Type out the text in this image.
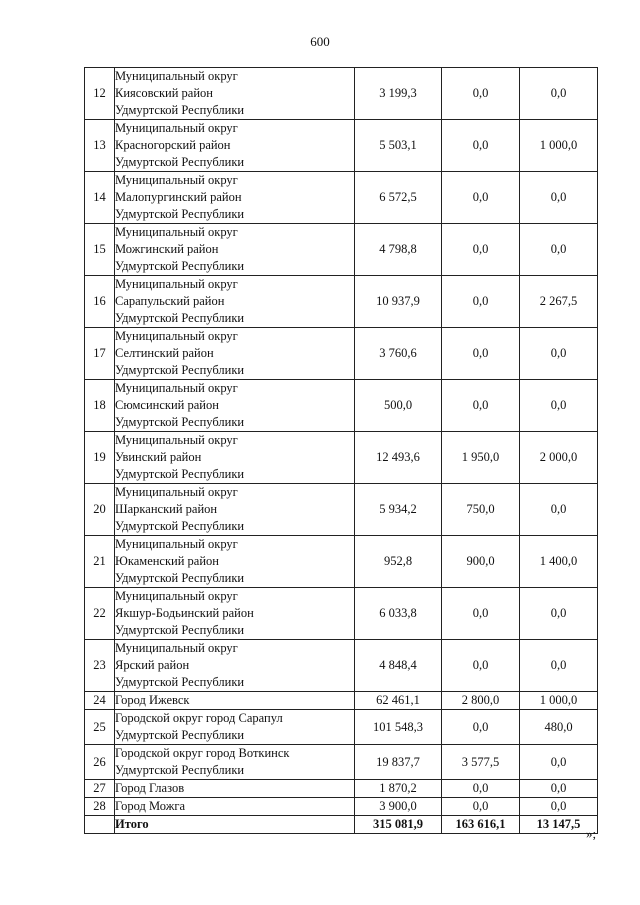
600
12	Муниципальный округ
Киясовский район
Удмуртской Республики	3 199,3	0,0	0,0
13	Муниципальный округ
Красногорский район
Удмуртской Республики	5 503,1	0,0	1 000,0
14	Муниципальный округ
Малопургинский район
Удмуртской Республики	6 572,5	0,0	0,0
15	Муниципальный округ
Можгинский район
Удмуртской Республики	4 798,8	0,0	0,0
16	Муниципальный округ
Сарапульский район
Удмуртской Республики	10 937,9	0,0	2 267,5
17	Муниципальный округ
Селтинский район
Удмуртской Республики	3 760,6	0,0	0,0
18	Муниципальный округ
Сюмсинский район
Удмуртской Республики	500,0	0,0	0,0
19	Муниципальный округ
Увинский район
Удмуртской Республики	12 493,6	1 950,0	2 000,0
20	Муниципальный округ
Шарканский район
Удмуртской Республики	5 934,2	750,0	0,0
21	Муниципальный округ
Юкаменский район
Удмуртской Республики	952,8	900,0	1 400,0
22	Муниципальный округ
Якшур-Бодьинский район
Удмуртской Республики	6 033,8	0,0	0,0
23	Муниципальный округ
Ярский район
Удмуртской Республики	4 848,4	0,0	0,0
24	Город Ижевск	62 461,1	2 800,0	1 000,0
25	Городской округ город Сарапул
Удмуртской Республики	101 548,3	0,0	480,0
26	Городской округ город Воткинск
Удмуртской Республики	19 837,7	3 577,5	0,0
27	Город Глазов	1 870,2	0,0	0,0
28	Город Можга	3 900,0	0,0	0,0
	Итого	315 081,9	163 616,1	13 147,5
»;
